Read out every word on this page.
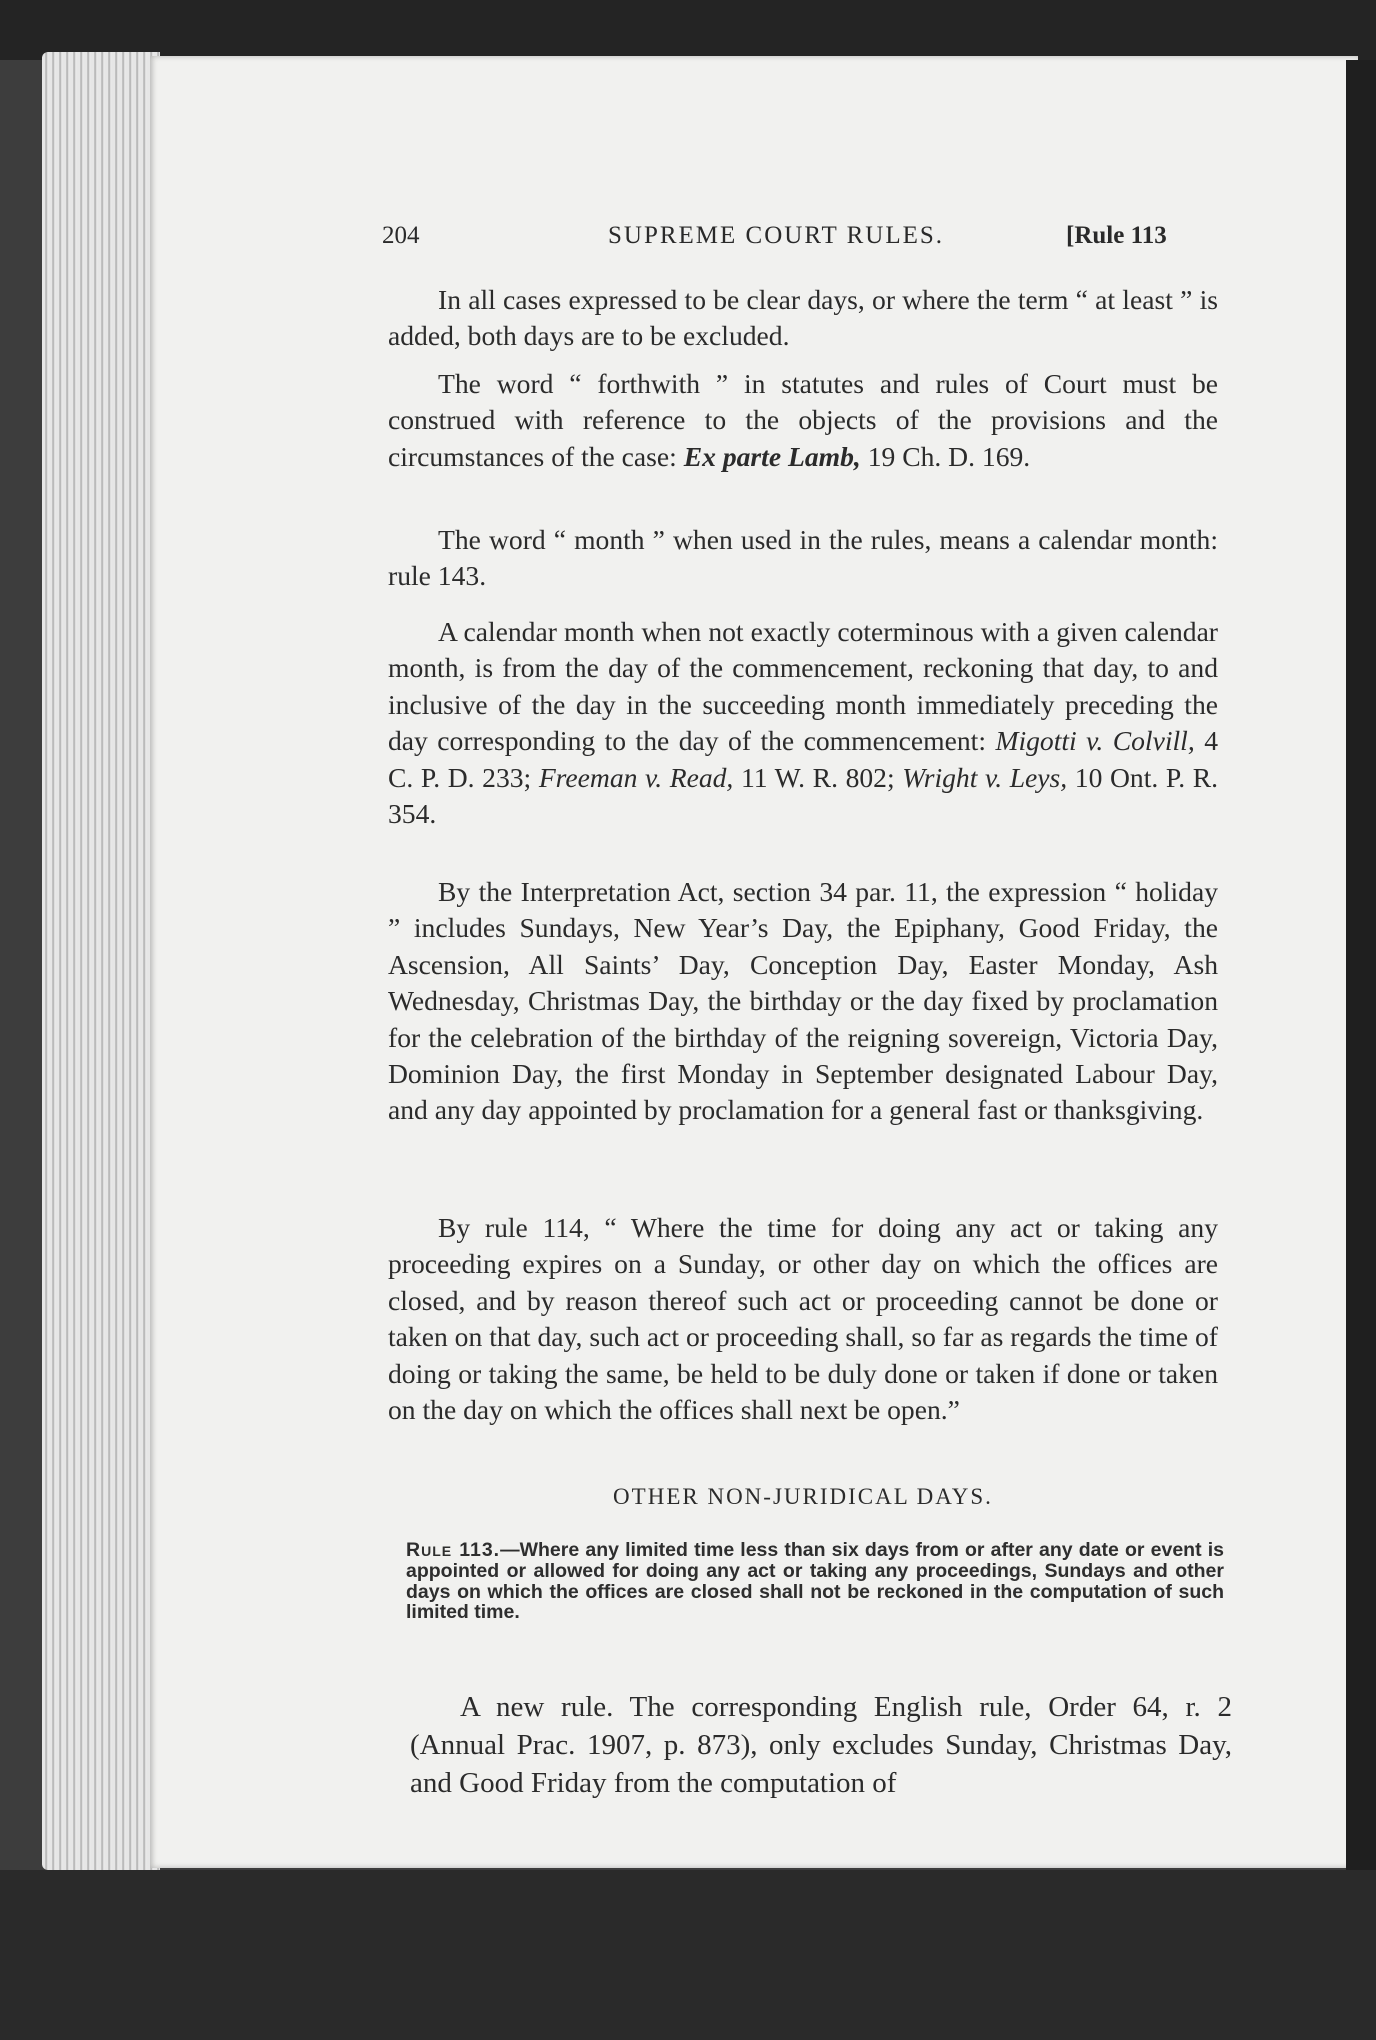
204	SUPREME COURT RULES.	[Rule 113

In all cases expressed to be clear days, or where the term “ at least ” is added, both days are to be excluded.

The word “ forthwith ” in statutes and rules of Court must be construed with reference to the objects of the provisions and the circumstances of the case: Ex parte Lamb, 19 Ch. D. 169.

The word “ month ” when used in the rules, means a calendar month: rule 143.

A calendar month when not exactly coterminous with a given calendar month, is from the day of the commencement, reckoning that day, to and inclusive of the day in the succeeding month immediately preceding the day corresponding to the day of the commencement: Migotti v. Colvill, 4 C. P. D. 233; Freeman v. Read, 11 W. R. 802; Wright v. Leys, 10 Ont. P. R. 354.

By the Interpretation Act, section 34 par. 11, the expression “ holiday ” includes Sundays, New Year’s Day, the Epiphany, Good Friday, the Ascension, All Saints’ Day, Conception Day, Easter Monday, Ash Wednesday, Christmas Day, the birthday or the day fixed by proclamation for the celebration of the birthday of the reigning sovereign, Victoria Day, Dominion Day, the first Monday in September designated Labour Day, and any day appointed by proclamation for a general fast or thanksgiving.

By rule 114, “ Where the time for doing any act or taking any proceeding expires on a Sunday, or other day on which the offices are closed, and by reason thereof such act or proceeding cannot be done or taken on that day, such act or proceeding shall, so far as regards the time of doing or taking the same, be held to be duly done or taken if done or taken on the day on which the offices shall next be open.”

OTHER NON-JURIDICAL DAYS.

Rule 113.—Where any limited time less than six days from or after any date or event is appointed or allowed for doing any act or taking any proceedings, Sundays and other days on which the offices are closed shall not be reckoned in the computation of such limited time.

A new rule. The corresponding English rule, Order 64, r. 2 (Annual Prac. 1907, p. 873), only excludes Sunday, Christmas Day, and Good Friday from the computation of
